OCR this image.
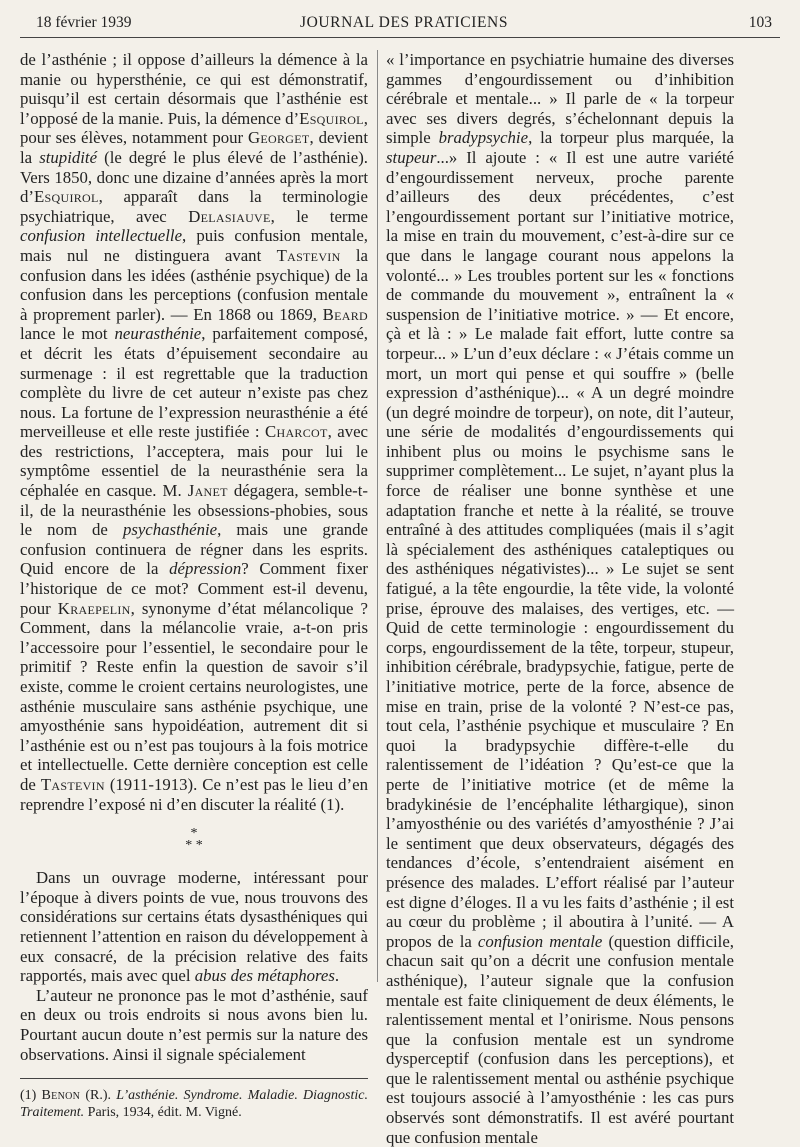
18 février 1939	JOURNAL DES PRATICIENS	103

de l’asthénie ; il oppose d’ailleurs la démence à la manie ou hypersthénie, ce qui est démonstratif, puisqu’il est certain désormais que l’asthénie est l’opposé de la manie. Puis, la démence d’Esquirol, pour ses élèves, notamment pour Georget, devient la stupidité (le degré le plus élevé de l’asthénie). Vers 1850, donc une dizaine d’années après la mort d’Esquirol, apparaît dans la terminologie psychiatrique, avec Delasiauve, le terme confusion intellectuelle, puis confusion mentale, mais nul ne distinguera avant Tastevin la confusion dans les idées (asthénie psychique) de la confusion dans les perceptions (confusion mentale à proprement parler). — En 1868 ou 1869, Beard lance le mot neurasthénie, parfaitement composé, et décrit les états d’épuisement secondaire au surmenage : il est regrettable que la traduction complète du livre de cet auteur n’existe pas chez nous. La fortune de l’expression neurasthénie a été merveilleuse et elle reste justifiée : Charcot, avec des restrictions, l’acceptera, mais pour lui le symptôme essentiel de la neurasthénie sera la céphalée en casque. M. Janet dégagera, semble-t-il, de la neurasthénie les obsessions-phobies, sous le nom de psychasthénie, mais une grande confusion continuera de régner dans les esprits. Quid encore de la dépression? Comment fixer l’historique de ce mot? Comment est-il devenu, pour Kraepelin, synonyme d’état mélancolique ? Comment, dans la mélancolie vraie, a-t-on pris l’accessoire pour l’essentiel, le secondaire pour le primitif ? Reste enfin la question de savoir s’il existe, comme le croient certains neurologistes, une asthénie musculaire sans asthénie psychique, une amyosthénie sans hypoidéation, autrement dit si l’asthénie est ou n’est pas toujours à la fois motrice et intellectuelle. Cette dernière conception est celle de Tastevin (1911-1913). Ce n’est pas le lieu d’en reprendre l’exposé ni d’en discuter la réalité (1).

*
* *

Dans un ouvrage moderne, intéressant pour l’époque à divers points de vue, nous trouvons des considérations sur certains états dysasthéniques qui retiennent l’attention en raison du développement à eux consacré, de la précision relative des faits rapportés, mais avec quel abus des métaphores.

L’auteur ne prononce pas le mot d’asthénie, sauf en deux ou trois endroits si nous avons bien lu. Pourtant aucun doute n’est permis sur la nature des observations. Ainsi il signale spécialement

(1) Benon (R.). L’asthénie. Syndrome. Maladie. Diagnostic. Traitement. Paris, 1934, édit. M. Vigné.

« l’importance en psychiatrie humaine des diverses gammes d’engourdissement ou d’inhibition cérébrale et mentale... » Il parle de « la torpeur avec ses divers degrés, s’échelonnant depuis la simple bradypsychie, la torpeur plus marquée, la stupeur...» Il ajoute : « Il est une autre variété d’engourdissement nerveux, proche parente d’ailleurs des deux précédentes, c’est l’engourdissement portant sur l’initiative motrice, la mise en train du mouvement, c’est-à-dire sur ce que dans le langage courant nous appelons la volonté... » Les troubles portent sur les « fonctions de commande du mouvement », entraînent la « suspension de l’initiative motrice. » — Et encore, çà et là : » Le malade fait effort, lutte contre sa torpeur... » L’un d’eux déclare : « J’étais comme un mort, un mort qui pense et qui souffre » (belle expression d’asthénique)... « A un degré moindre (un degré moindre de torpeur), on note, dit l’auteur, une série de modalités d’engourdissements qui inhibent plus ou moins le psychisme sans le supprimer complètement... Le sujet, n’ayant plus la force de réaliser une bonne synthèse et une adaptation franche et nette à la réalité, se trouve entraîné à des attitudes compliquées (mais il s’agit là spécialement des asthéniques cataleptiques ou des asthéniques négativistes)... » Le sujet se sent fatigué, a la tête engourdie, la tête vide, la volonté prise, éprouve des malaises, des vertiges, etc. — Quid de cette terminologie : engourdissement du corps, engourdissement de la tête, torpeur, stupeur, inhibition cérébrale, bradypsychie, fatigue, perte de l’initiative motrice, perte de la force, absence de mise en train, prise de la volonté ? N’est-ce pas, tout cela, l’asthénie psychique et musculaire ? En quoi la bradypsychie diffère-t-elle du ralentissement de l’idéation ? Qu’est-ce que la perte de l’initiative motrice (et de même la bradykinésie de l’encéphalite léthargique), sinon l’amyosthénie ou des variétés d’amyosthénie ? J’ai le sentiment que deux observateurs, dégagés des tendances d’école, s’entendraient aisément en présence des malades. L’effort réalisé par l’auteur est digne d’éloges. Il a vu les faits d’asthénie ; il est au cœur du problème ; il aboutira à l’unité. — A propos de la confusion mentale (question difficile, chacun sait qu’on a décrit une confusion mentale asthénique), l’auteur signale que la confusion mentale est faite cliniquement de deux éléments, le ralentissement mental et l’onirisme. Nous pensons que la confusion mentale est un syndrome dysperceptif (confusion dans les perceptions), et que le ralentissement mental ou asthénie psychique est toujours associé à l’amyosthénie : les cas purs observés sont démonstratifs. Il est avéré pourtant que confusion mentale
